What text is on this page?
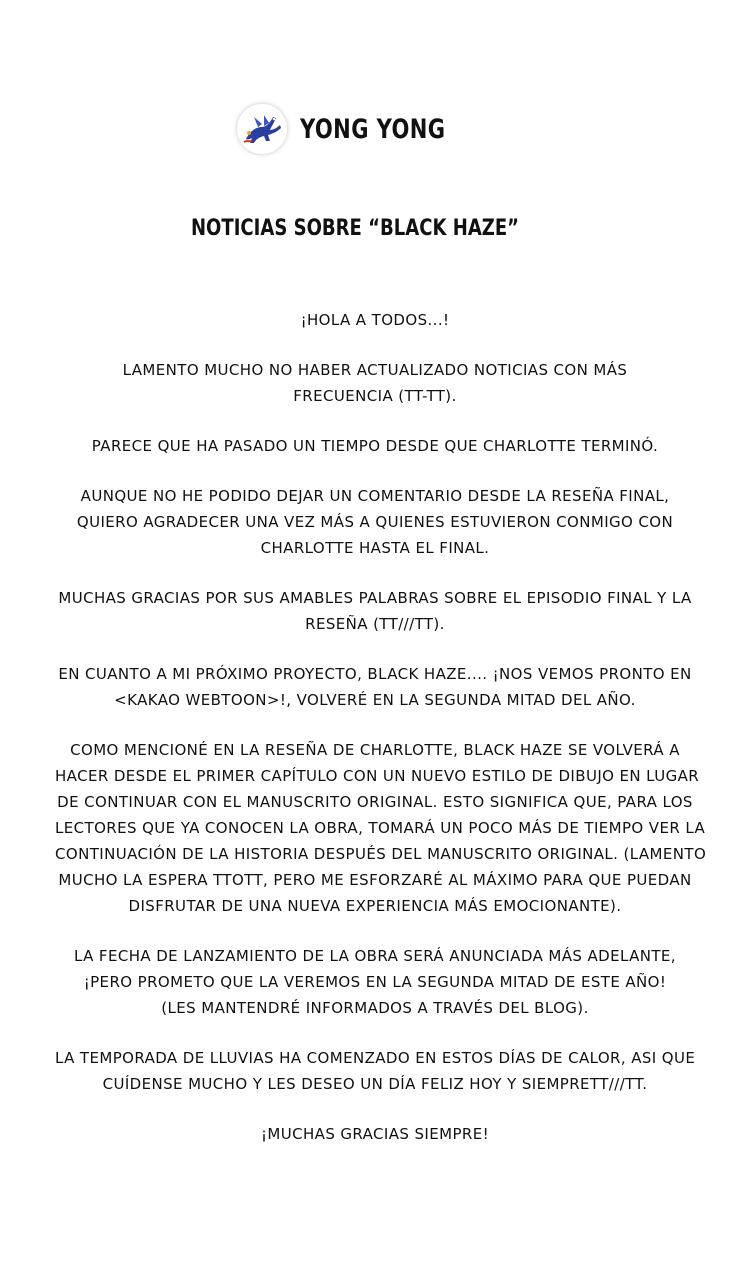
YONG YONG
NOTICIAS SOBRE “BLACK HAZE”
¡HOLA A TODOS...!
LAMENTO MUCHO NO HABER ACTUALIZADO NOTICIAS CON MÁS
FRECUENCIA (TT-TT).
PARECE QUE HA PASADO UN TIEMPO DESDE QUE CHARLOTTE TERMINÓ.
AUNQUE NO HE PODIDO DEJAR UN COMENTARIO DESDE LA RESEÑA FINAL,
QUIERO AGRADECER UNA VEZ MÁS A QUIENES ESTUVIERON CONMIGO CON
CHARLOTTE HASTA EL FINAL.
MUCHAS GRACIAS POR SUS AMABLES PALABRAS SOBRE EL EPISODIO FINAL Y LA
RESEÑA (TT///TT).
EN CUANTO A MI PRÓXIMO PROYECTO, BLACK HAZE.... ¡NOS VEMOS PRONTO EN
<KAKAO WEBTOON>!, VOLVERÉ EN LA SEGUNDA MITAD DEL AÑO.
COMO MENCIONÉ EN LA RESEÑA DE CHARLOTTE, BLACK HAZE SE VOLVERÁ A
HACER DESDE EL PRIMER CAPÍTULO CON UN NUEVO ESTILO DE DIBUJO EN LUGAR
DE CONTINUAR CON EL MANUSCRITO ORIGINAL. ESTO SIGNIFICA QUE, PARA LOS
LECTORES QUE YA CONOCEN LA OBRA, TOMARÁ UN POCO MÁS DE TIEMPO VER LA
CONTINUACIÓN DE LA HISTORIA DESPUÉS DEL MANUSCRITO ORIGINAL. (LAMENTO
MUCHO LA ESPERA TTOTT, PERO ME ESFORZARÉ AL MÁXIMO PARA QUE PUEDAN
DISFRUTAR DE UNA NUEVA EXPERIENCIA MÁS EMOCIONANTE).
LA FECHA DE LANZAMIENTO DE LA OBRA SERÁ ANUNCIADA MÁS ADELANTE,
¡PERO PROMETO QUE LA VEREMOS EN LA SEGUNDA MITAD DE ESTE AÑO!
(LES MANTENDRÉ INFORMADOS A TRAVÉS DEL BLOG).
LA TEMPORADA DE LLUVIAS HA COMENZADO EN ESTOS DÍAS DE CALOR, ASI QUE
CUÍDENSE MUCHO Y LES DESEO UN DÍA FELIZ HOY Y SIEMPRETT///TT.
¡MUCHAS GRACIAS SIEMPRE!
